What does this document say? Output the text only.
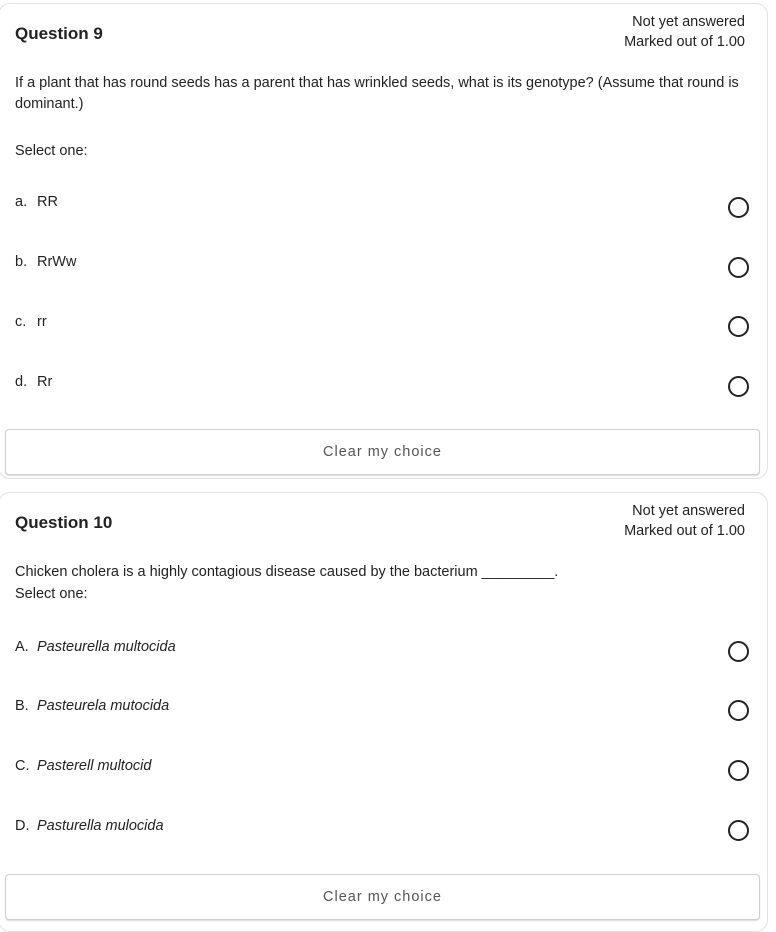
Question 9
Not yet answered
Marked out of 1.00
If a plant that has round seeds has a parent that has wrinkled seeds, what is its genotype? (Assume that round is dominant.)
Select one:
a. RR
b. RrWw
c. rr
d. Rr
Clear my choice
Question 10
Not yet answered
Marked out of 1.00
Chicken cholera is a highly contagious disease caused by the bacterium _________.
Select one:
A. Pasteurella multocida
B. Pasteurela mutocida
C. Pasterell multocid
D. Pasturella mulocida
Clear my choice
